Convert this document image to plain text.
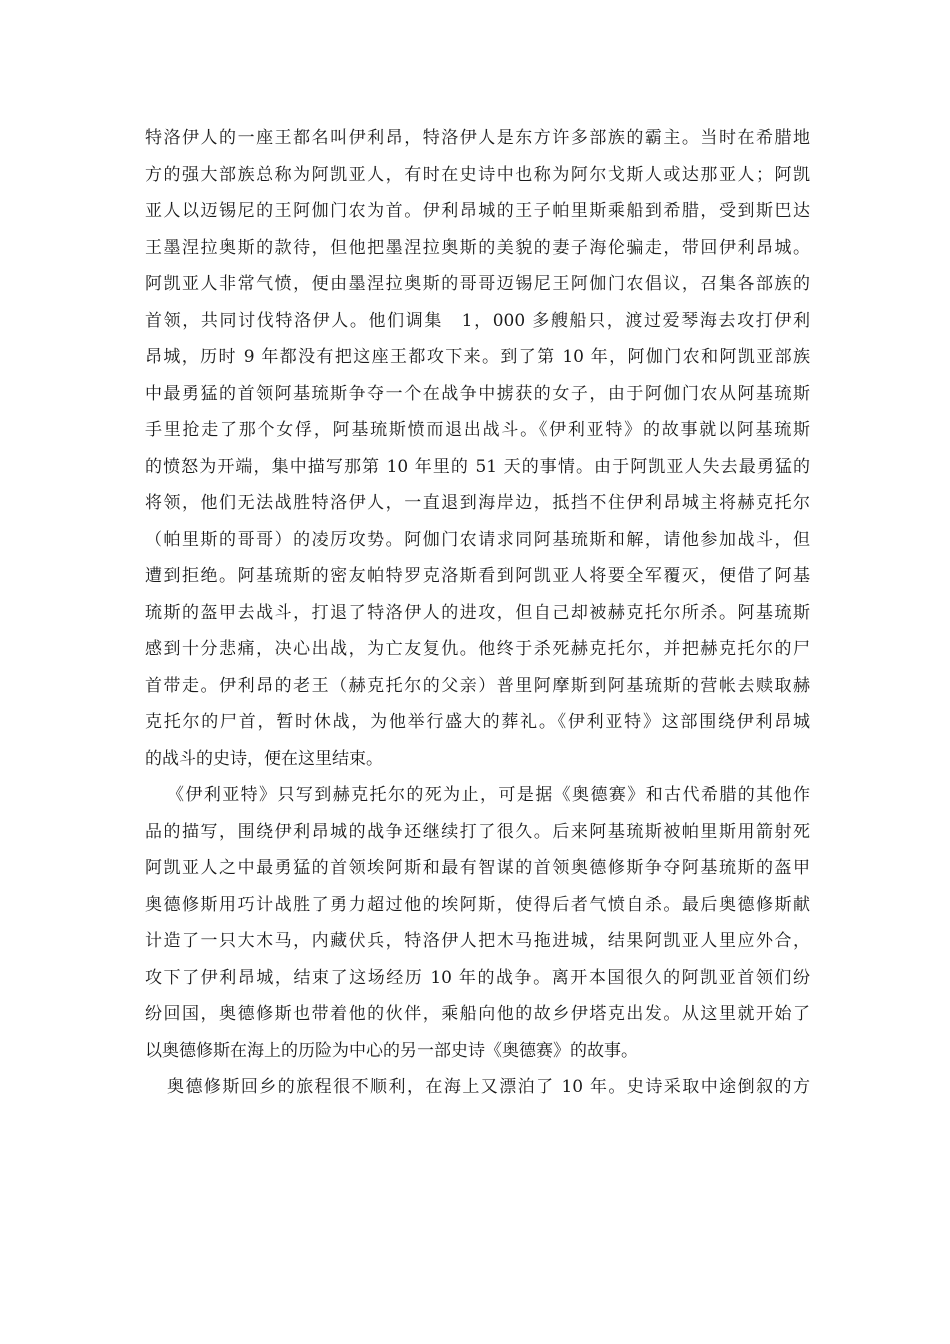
特洛伊人的一座王都名叫伊利昂，特洛伊人是东方许多部族的霸主。当时在希腊地
方的强大部族总称为阿凯亚人，有时在史诗中也称为阿尔戈斯人或达那亚人；阿凯
亚人以迈锡尼的王阿伽门农为首。伊利昂城的王子帕里斯乘船到希腊，受到斯巴达
王墨涅拉奥斯的款待，但他把墨涅拉奥斯的美貌的妻子海伦骗走，带回伊利昂城。
阿凯亚人非常气愤，便由墨涅拉奥斯的哥哥迈锡尼王阿伽门农倡议，召集各部族的
首领，共同讨伐特洛伊人。他们调集　1，000 多艘船只，渡过爱琴海去攻打伊利
昂城，历时 9 年都没有把这座王都攻下来。到了第 10 年，阿伽门农和阿凯亚部族
中最勇猛的首领阿基琉斯争夺一个在战争中掳获的女子，由于阿伽门农从阿基琉斯
手里抢走了那个女俘，阿基琉斯愤而退出战斗。《伊利亚特》的故事就以阿基琉斯
的愤怒为开端，集中描写那第 10 年里的 51 天的事情。由于阿凯亚人失去最勇猛的
将领，他们无法战胜特洛伊人，一直退到海岸边，抵挡不住伊利昂城主将赫克托尔
（帕里斯的哥哥）的凌厉攻势。阿伽门农请求同阿基琉斯和解，请他参加战斗，但
遭到拒绝。阿基琉斯的密友帕特罗克洛斯看到阿凯亚人将要全军覆灭，便借了阿基
琉斯的盔甲去战斗，打退了特洛伊人的进攻，但自己却被赫克托尔所杀。阿基琉斯
感到十分悲痛，决心出战，为亡友复仇。他终于杀死赫克托尔，并把赫克托尔的尸
首带走。伊利昂的老王（赫克托尔的父亲）普里阿摩斯到阿基琉斯的营帐去赎取赫
克托尔的尸首，暂时休战，为他举行盛大的葬礼。《伊利亚特》这部围绕伊利昂城
的战斗的史诗，便在这里结束。
《伊利亚特》只写到赫克托尔的死为止，可是据《奥德赛》和古代希腊的其他作
品的描写，围绕伊利昂城的战争还继续打了很久。后来阿基琉斯被帕里斯用箭射死
阿凯亚人之中最勇猛的首领埃阿斯和最有智谋的首领奥德修斯争夺阿基琉斯的盔甲
奥德修斯用巧计战胜了勇力超过他的埃阿斯，使得后者气愤自杀。最后奥德修斯献
计造了一只大木马，内藏伏兵，特洛伊人把木马拖进城，结果阿凯亚人里应外合，
攻下了伊利昂城，结束了这场经历 10 年的战争。离开本国很久的阿凯亚首领们纷
纷回国，奥德修斯也带着他的伙伴，乘船向他的故乡伊塔克出发。从这里就开始了
以奥德修斯在海上的历险为中心的另一部史诗《奥德赛》的故事。
奥德修斯回乡的旅程很不顺利，在海上又漂泊了 10 年。史诗采取中途倒叙的方
